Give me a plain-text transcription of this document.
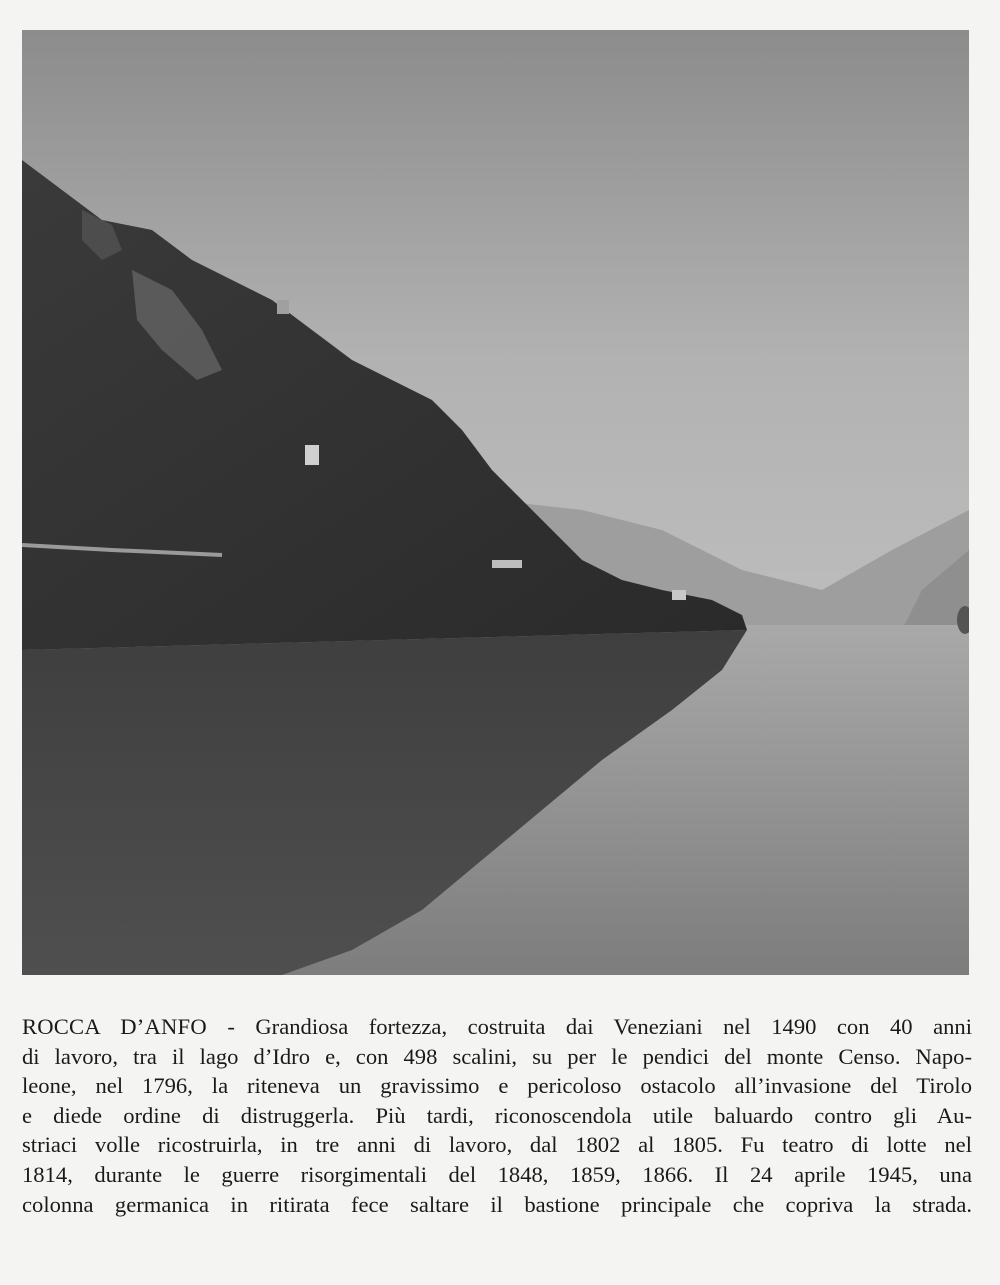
ROCCA D’ANFO - Grandiosa fortezza, costruita dai Veneziani nel 1490 con 40 anni
di lavoro, tra il lago d’Idro e, con 498 scalini, su per le pendici del monte Censo. Napo-
leone, nel 1796, la riteneva un gravissimo e pericoloso ostacolo all’invasione del Tirolo
e diede ordine di distruggerla. Più tardi, riconoscendola utile baluardo contro gli Au-
striaci volle ricostruirla, in tre anni di lavoro, dal 1802 al 1805. Fu teatro di lotte nel
1814, durante le guerre risorgimentali del 1848, 1859, 1866. Il 24 aprile 1945, una
colonna germanica in ritirata fece saltare il bastione principale che copriva la strada.
